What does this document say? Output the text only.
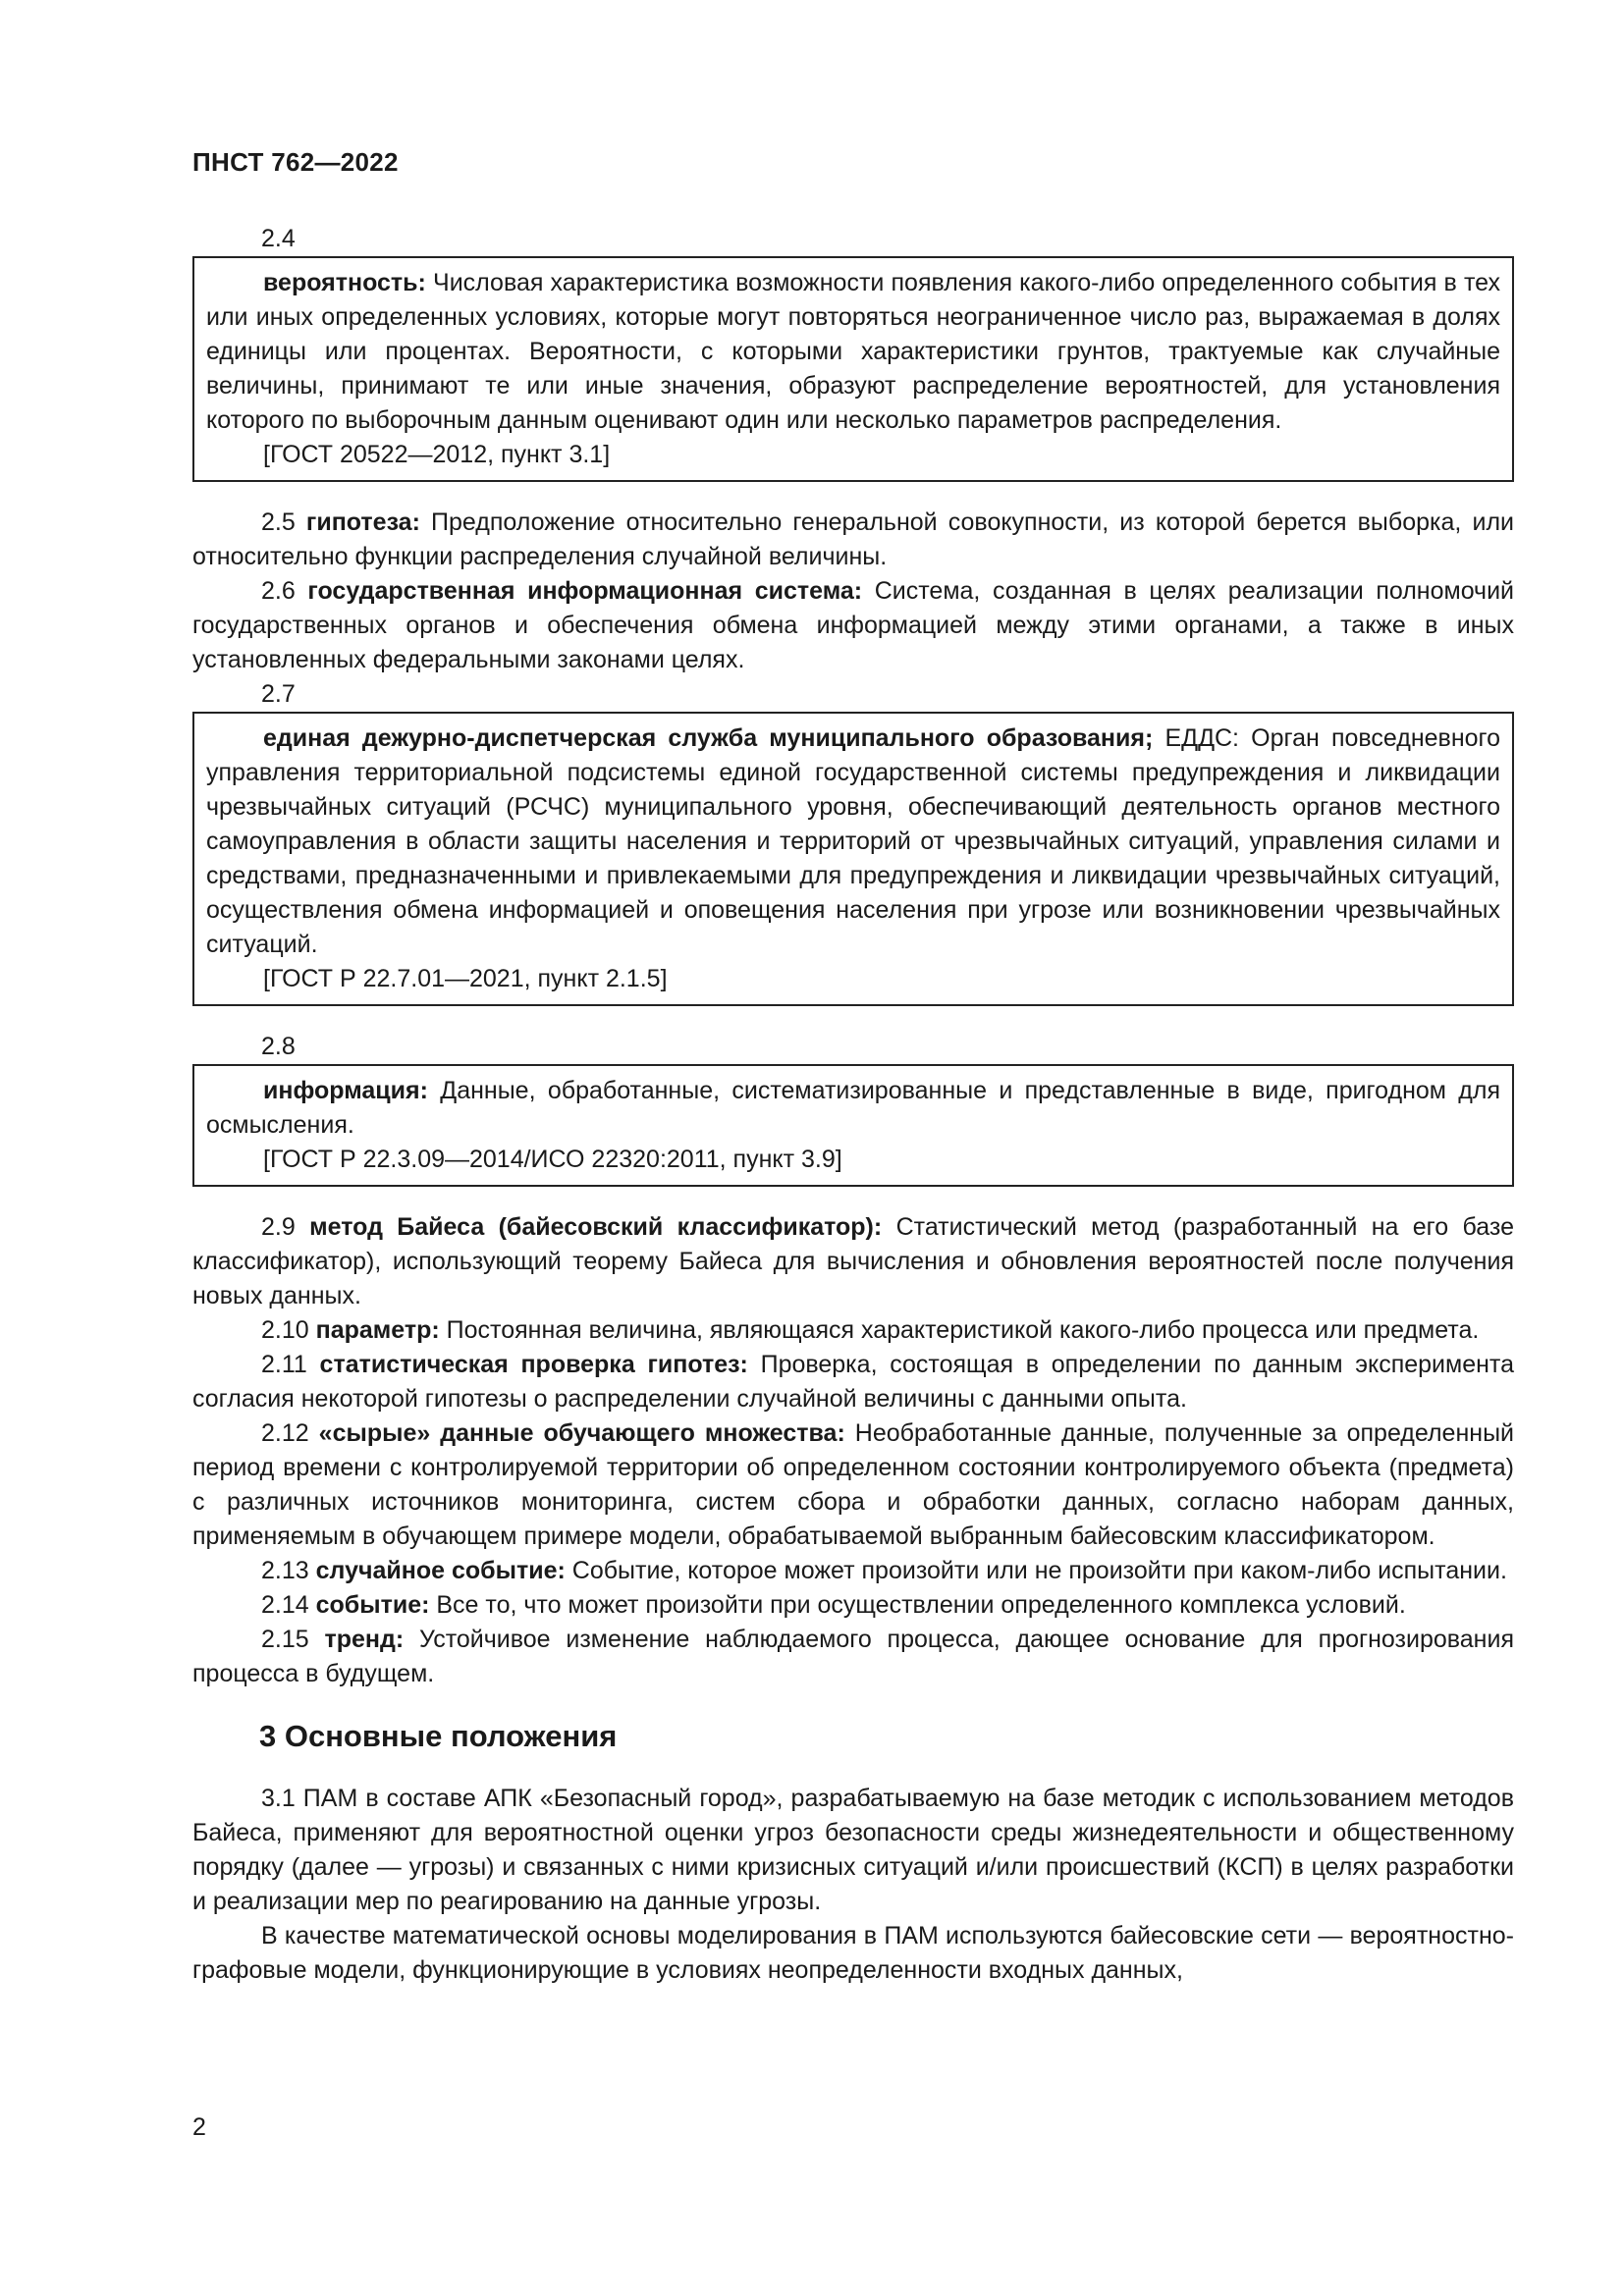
ПНСТ 762—2022

2.4

вероятность: Числовая характеристика возможности появления какого-либо определенного события в тех или иных определенных условиях, которые могут повторяться неограниченное число раз, выражаемая в долях единицы или процентах. Вероятности, с которыми характеристики грунтов, трактуемые как случайные величины, принимают те или иные значения, образуют распределение вероятностей, для установления которого по выборочным данным оценивают один или несколько параметров распределения.

[ГОСТ 20522—2012, пункт 3.1]

2.5 гипотеза: Предположение относительно генеральной совокупности, из которой берется выборка, или относительно функции распределения случайной величины.

2.6 государственная информационная система: Система, созданная в целях реализации полномочий государственных органов и обеспечения обмена информацией между этими органами, а также в иных установленных федеральными законами целях.

2.7

единая дежурно-диспетчерская служба муниципального образования; ЕДДС: Орган повседневного управления территориальной подсистемы единой государственной системы предупреждения и ликвидации чрезвычайных ситуаций (РСЧС) муниципального уровня, обеспечивающий деятельность органов местного самоуправления в области защиты населения и территорий от чрезвычайных ситуаций, управления силами и средствами, предназначенными и привлекаемыми для предупреждения и ликвидации чрезвычайных ситуаций, осуществления обмена информацией и оповещения населения при угрозе или возникновении чрезвычайных ситуаций.

[ГОСТ Р 22.7.01—2021, пункт 2.1.5]

2.8

информация: Данные, обработанные, систематизированные и представленные в виде, пригодном для осмысления.

[ГОСТ Р 22.3.09—2014/ИСО 22320:2011, пункт 3.9]

2.9 метод Байеса (байесовский классификатор): Статистический метод (разработанный на его базе классификатор), использующий теорему Байеса для вычисления и обновления вероятностей после получения новых данных.

2.10 параметр: Постоянная величина, являющаяся характеристикой какого-либо процесса или предмета.

2.11 статистическая проверка гипотез: Проверка, состоящая в определении по данным эксперимента согласия некоторой гипотезы о распределении случайной величины с данными опыта.

2.12 «сырые» данные обучающего множества: Необработанные данные, полученные за определенный период времени с контролируемой территории об определенном состоянии контролируемого объекта (предмета) с различных источников мониторинга, систем сбора и обработки данных, согласно наборам данных, применяемым в обучающем примере модели, обрабатываемой выбранным байесовским классификатором.

2.13 случайное событие: Событие, которое может произойти или не произойти при каком-либо испытании.

2.14 событие: Все то, что может произойти при осуществлении определенного комплекса условий.

2.15 тренд: Устойчивое изменение наблюдаемого процесса, дающее основание для прогнозирования процесса в будущем.

3 Основные положения

3.1 ПАМ в составе АПК «Безопасный город», разрабатываемую на базе методик с использованием методов Байеса, применяют для вероятностной оценки угроз безопасности среды жизнедеятельности и общественному порядку (далее — угрозы) и связанных с ними кризисных ситуаций и/или происшествий (КСП) в целях разработки и реализации мер по реагированию на данные угрозы.

В качестве математической основы моделирования в ПАМ используются байесовские сети — вероятностно-графовые модели, функционирующие в условиях неопределенности входных данных,

2
